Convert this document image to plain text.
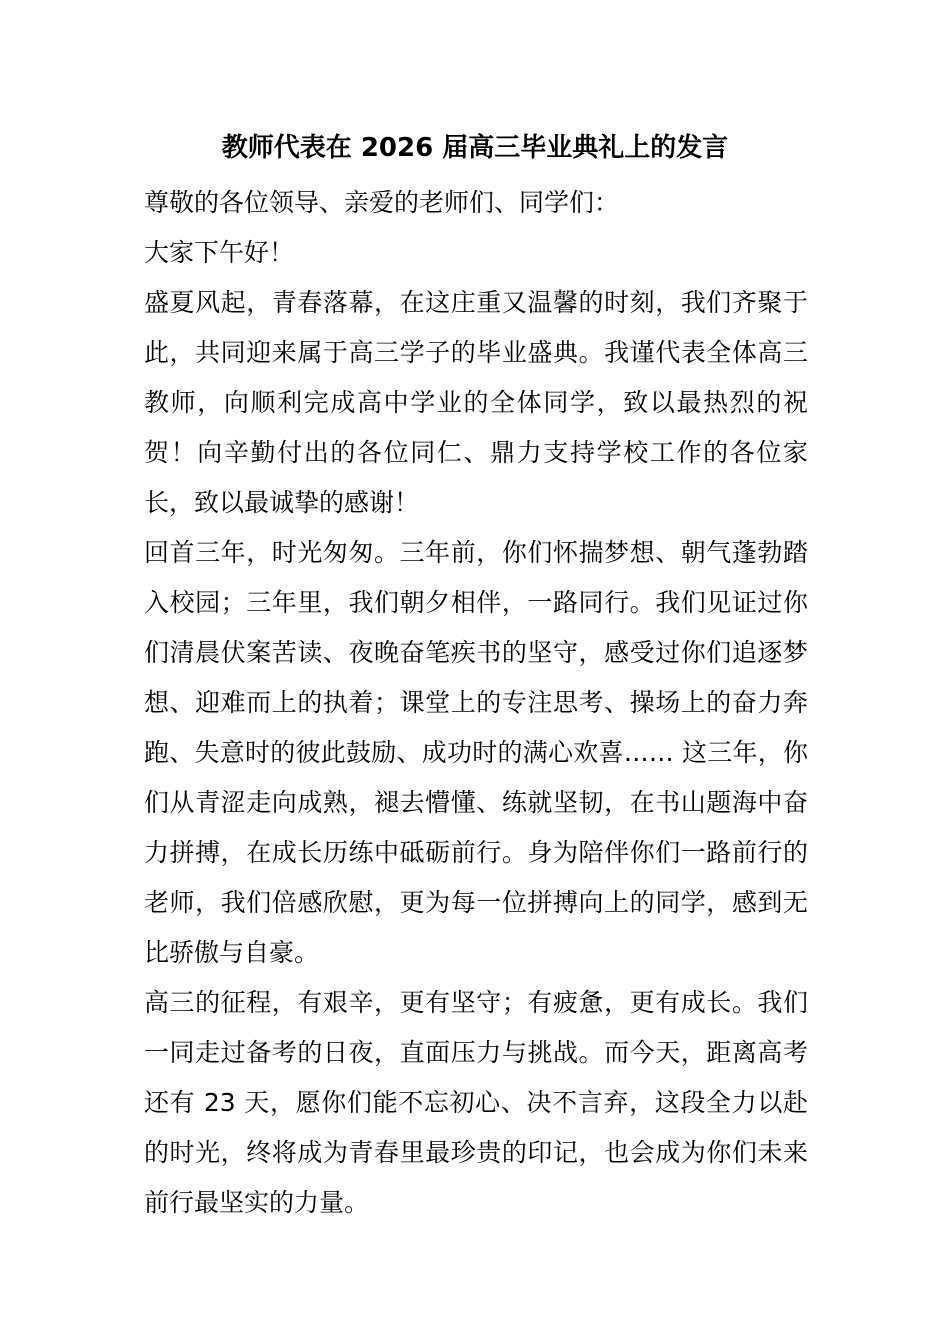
教师代表在 2026 届高三毕业典礼上的发言

尊敬的各位领导、亲爱的老师们、同学们：

大家下午好！

盛夏风起，青春落幕，在这庄重又温馨的时刻，我们齐聚于此，共同迎来属于高三学子的毕业盛典。我谨代表全体高三教师，向顺利完成高中学业的全体同学，致以最热烈的祝贺！向辛勤付出的各位同仁、鼎力支持学校工作的各位家长，致以最诚挚的感谢！

回首三年，时光匆匆。三年前，你们怀揣梦想、朝气蓬勃踏入校园；三年里，我们朝夕相伴，一路同行。我们见证过你们清晨伏案苦读、夜晚奋笔疾书的坚守，感受过你们追逐梦想、迎难而上的执着；课堂上的专注思考、操场上的奋力奔跑、失意时的彼此鼓励、成功时的满心欢喜…… 这三年，你们从青涩走向成熟，褪去懵懂、练就坚韧，在书山题海中奋力拼搏，在成长历练中砥砺前行。身为陪伴你们一路前行的老师，我们倍感欣慰，更为每一位拼搏向上的同学，感到无比骄傲与自豪。

高三的征程，有艰辛，更有坚守；有疲惫，更有成长。我们一同走过备考的日夜，直面压力与挑战。而今天，距离高考还有 23 天，愿你们能不忘初心、决不言弃，这段全力以赴的时光，终将成为青春里最珍贵的印记，也会成为你们未来前行最坚实的力量。
